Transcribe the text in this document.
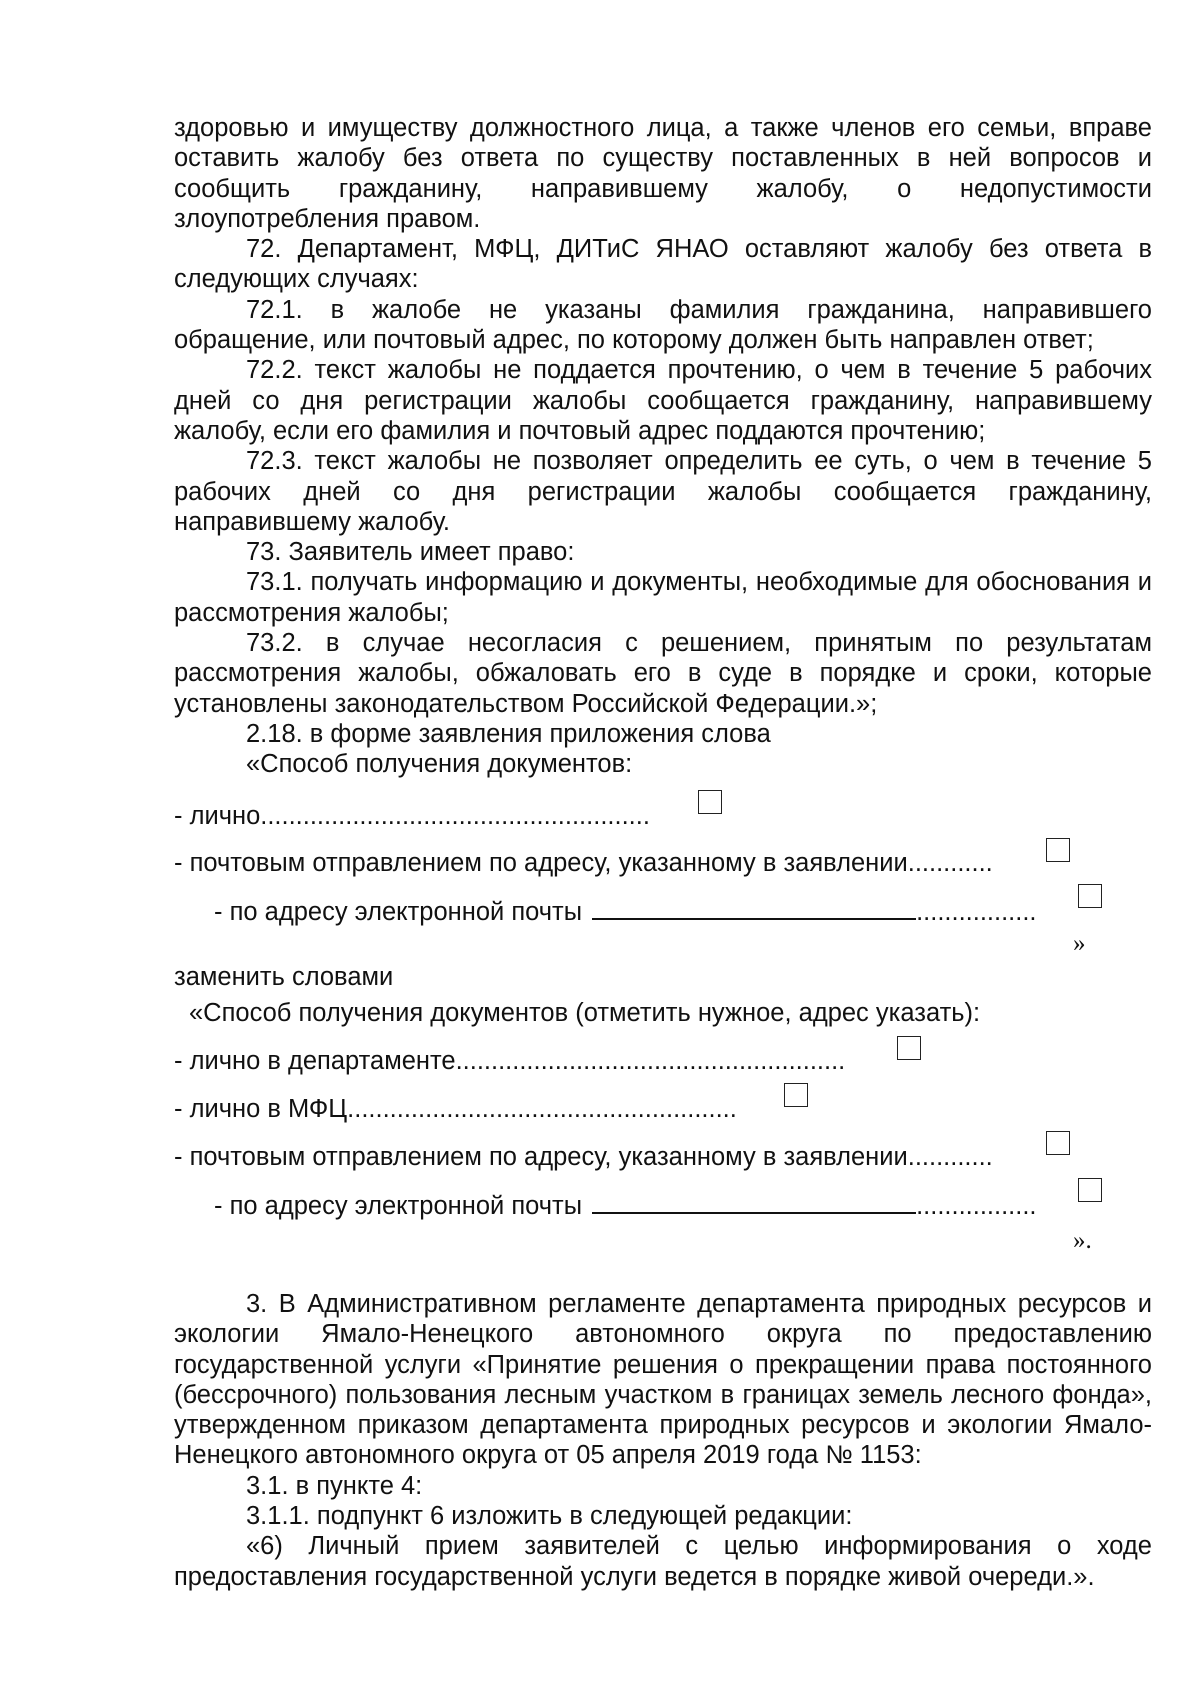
здоровью и имуществу должностного лица, а также членов его семьи, вправе оставить жалобу без ответа по существу поставленных в ней вопросов и сообщить гражданину, направившему жалобу, о недопустимости злоупотребления правом.

72. Департамент, МФЦ, ДИТиС ЯНАО оставляют жалобу без ответа в следующих случаях:

72.1. в жалобе не указаны фамилия гражданина, направившего обращение, или почтовый адрес, по которому должен быть направлен ответ;

72.2. текст жалобы не поддается прочтению, о чем в течение 5 рабочих дней со дня регистрации жалобы сообщается гражданину, направившему жалобу, если его фамилия и почтовый адрес поддаются прочтению;

72.3. текст жалобы не позволяет определить ее суть, о чем в течение 5 рабочих дней со дня регистрации жалобы сообщается гражданину, направившему жалобу.

73. Заявитель имеет право:

73.1. получать информацию и документы, необходимые для обоснования и рассмотрения жалобы;

73.2. в случае несогласия с решением, принятым по результатам рассмотрения жалобы, обжаловать его в суде в порядке и сроки, которые установлены законодательством Российской Федерации.»;

2.18. в форме заявления приложения слова

«Способ получения документов:

- лично.......................................................
- почтовым отправлением по адресу, указанному в заявлении............
- по адресу электронной почты	.................
»
заменить словами
«Способ получения документов (отметить нужное, адрес указать):
- лично в департаменте.......................................................
- лично в МФЦ.......................................................
- почтовым отправлением по адресу, указанному в заявлении............
- по адресу электронной почты	.................
».

3. В Административном регламенте департамента природных ресурсов и экологии Ямало-Ненецкого автономного округа по предоставлению государственной услуги «Принятие решения о прекращении права постоянного (бессрочного) пользования лесным участком в границах земель лесного фонда», утвержденном приказом департамента природных ресурсов и экологии Ямало-Ненецкого автономного округа от 05 апреля 2019 года № 1153:

3.1. в пункте 4:

3.1.1. подпункт 6 изложить в следующей редакции:

«6) Личный прием заявителей с целью информирования о ходе предоставления государственной услуги ведется в порядке живой очереди.».
